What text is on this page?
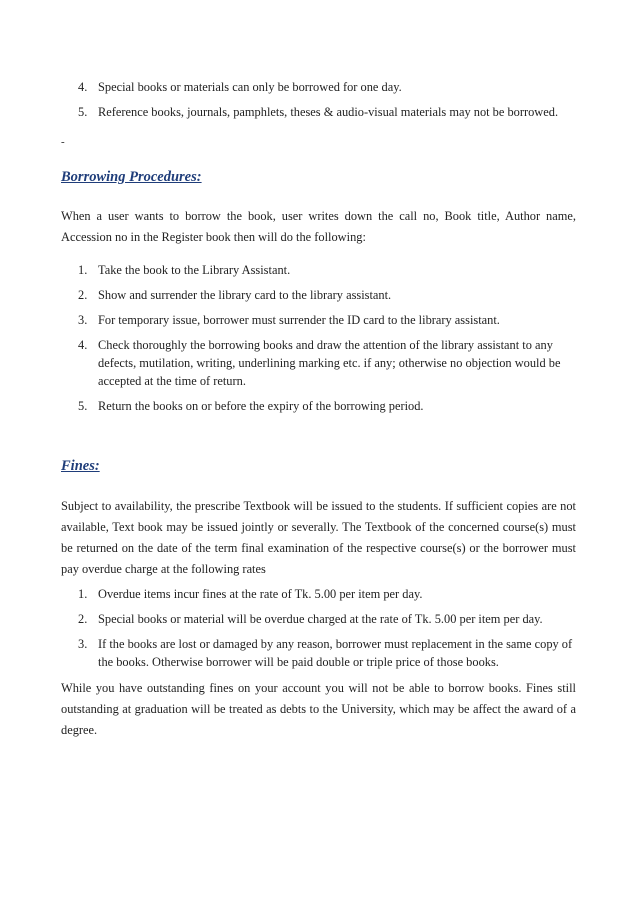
4. Special books or materials can only be borrowed for one day.
5. Reference books, journals, pamphlets, theses & audio-visual materials may not be borrowed.
-
Borrowing Procedures:

When a user wants to borrow the book, user writes down the call no, Book title, Author name, Accession no in the Register book then will do the following:

1. Take the book to the Library Assistant.
2. Show and surrender the library card to the library assistant.
3. For temporary issue, borrower must surrender the ID card to the library assistant.
4. Check thoroughly the borrowing books and draw the attention of the library assistant to any defects, mutilation, writing, underlining marking etc. if any; otherwise no objection would be accepted at the time of return.
5. Return the books on or before the expiry of the borrowing period.
Fines:

Subject to availability, the prescribe Textbook will be issued to the students. If sufficient copies are not available, Text book may be issued jointly or severally. The Textbook of the concerned course(s) must be returned on the date of the term final examination of the respective course(s) or the borrower must pay overdue charge at the following rates

1. Overdue items incur fines at the rate of Tk. 5.00 per item per day.
2. Special books or material will be overdue charged at the rate of Tk. 5.00 per item per day.
3. If the books are lost or damaged by any reason, borrower must replacement in the same copy of the books. Otherwise borrower will be paid double or triple price of those books.

While you have outstanding fines on your account you will not be able to borrow books. Fines still outstanding at graduation will be treated as debts to the University, which may be affect the award of a degree.
